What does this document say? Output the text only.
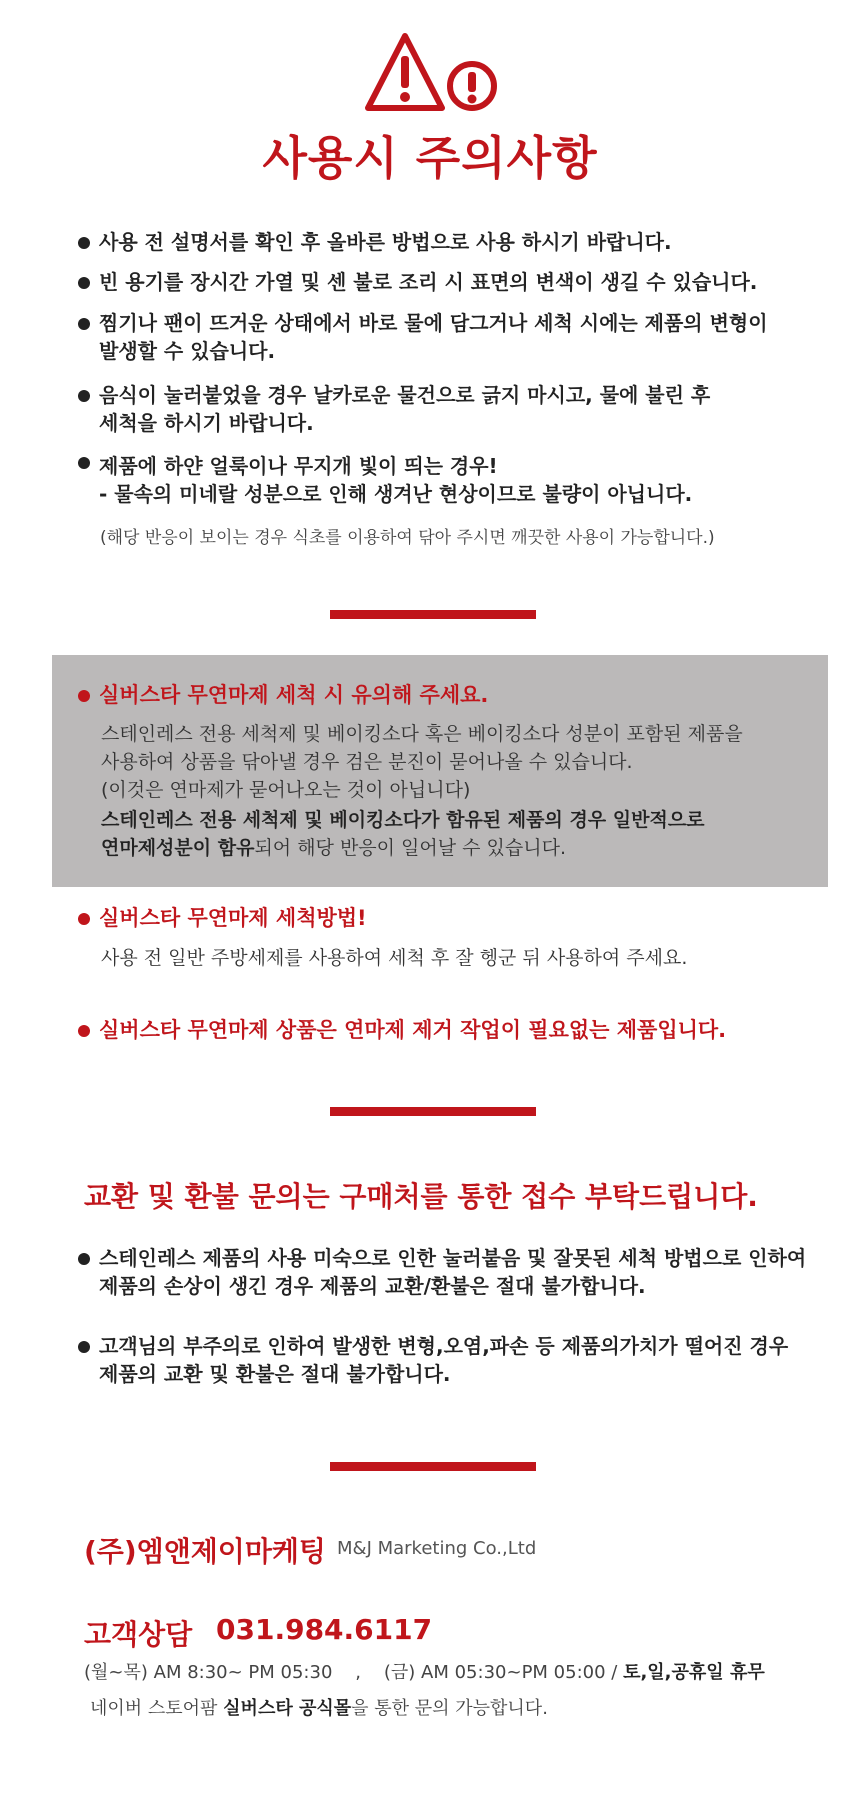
사용시 주의사항
사용 전 설명서를 확인 후 올바른 방법으로 사용 하시기 바랍니다.
빈 용기를 장시간 가열 및 센 불로 조리 시 표면의 변색이 생길 수 있습니다.
찜기나 팬이 뜨거운 상태에서 바로 물에 담그거나 세척 시에는 제품의 변형이
발생할 수 있습니다.
음식이 눌러붙었을 경우 날카로운 물건으로 긁지 마시고, 물에 불린 후
세척을 하시기 바랍니다.
제품에 하얀 얼룩이나 무지개 빛이 띄는 경우!
- 물속의 미네랄 성분으로 인해 생겨난 현상이므로 불량이 아닙니다.
(해당 반응이 보이는 경우 식초를 이용하여 닦아 주시면 깨끗한 사용이 가능합니다.)
실버스타 무연마제 세척 시 유의해 주세요.
스테인레스 전용 세척제 및 베이킹소다 혹은 베이킹소다 성분이 포함된 제품을
사용하여 상품을 닦아낼 경우 검은 분진이 묻어나올 수 있습니다.
(이것은 연마제가 묻어나오는 것이 아닙니다)
스테인레스 전용 세척제 및 베이킹소다가 함유된 제품의 경우 일반적으로
연마제성분이 함유되어 해당 반응이 일어날 수 있습니다.
실버스타 무연마제 세척방법!
사용 전 일반 주방세제를 사용하여 세척 후 잘 헹군 뒤 사용하여 주세요.
실버스타 무연마제 상품은 연마제 제거 작업이 필요없는 제품입니다.
교환 및 환불 문의는 구매처를 통한 접수 부탁드립니다.
스테인레스 제품의 사용 미숙으로 인한 눌러붙음 및 잘못된 세척 방법으로 인하여
제품의 손상이 생긴 경우 제품의 교환/환불은 절대 불가합니다.
고객님의 부주의로 인하여 발생한 변형,오염,파손 등 제품의가치가 떨어진 경우
제품의 교환 및 환불은 절대 불가합니다.
(주)엠앤제이마케팅 M&J Marketing Co.,Ltd
고객상담 031.984.6117
(월~목) AM 8:30~ PM 05:30    ,    (금) AM 05:30~PM 05:00 / 토,일,공휴일 휴무
네이버 스토어팜 실버스타 공식몰을 통한 문의 가능합니다.
